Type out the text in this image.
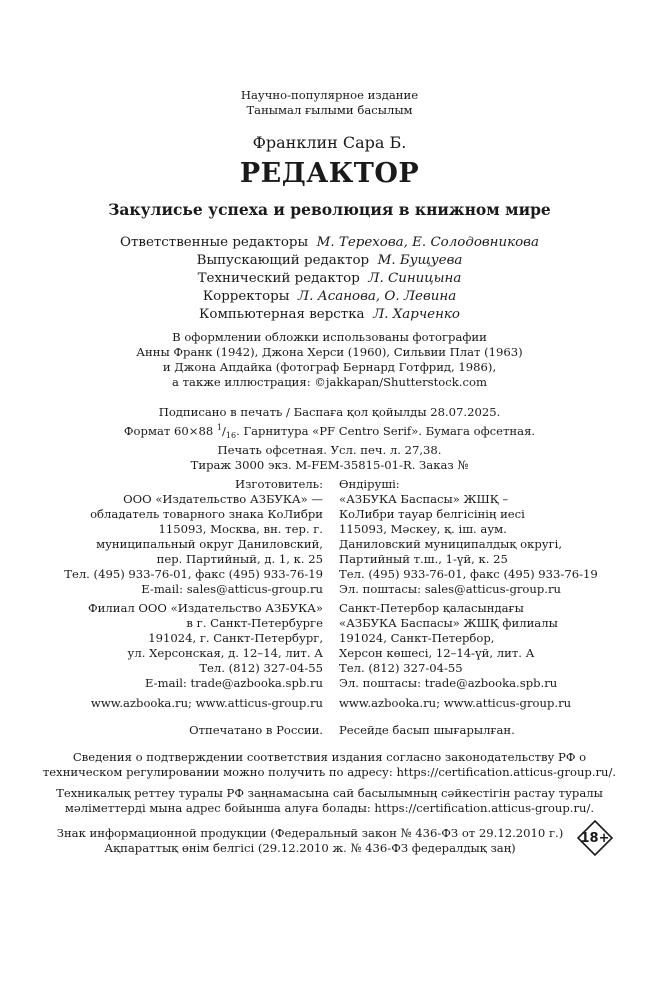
Научно-популярное издание
Танымал ғылыми басылым
Франклин Сара Б.
РЕДАКТОР
Закулисье успеха и революция в книжном мире
Ответственные редакторы М. Терехова, Е. Солодовникова
Выпускающий редактор М. Бущуева
Технический редактор Л. Синицына
Корректоры Л. Асанова, О. Левина
Компьютерная верстка Л. Харченко
В оформлении обложки использованы фотографии
Анны Франк (1942), Джона Херси (1960), Сильвии Плат (1963)
и Джона Апдайка (фотограф Бернард Готфрид, 1986),
а также иллюстрация: ©jakkapan/Shutterstock.com
Подписано в печать / Баспаға қол қойылды 28.07.2025.
Формат 60×88 $^1/_{16}$. Гарнитура «PF Centro Serif». Бумага офсетная.
Печать офсетная. Усл. печ. л. 27,38.
Тираж 3000 экз. M-FEM-35815-01-R. Заказ №
Изготовитель:
ООО «Издательство АЗБУКА» —
обладатель товарного знака КоЛибри
115093, Москва, вн. тер. г.
муниципальный округ Даниловский,
пер. Партийный, д. 1, к. 25
Тел. (495) 933-76-01, факс (495) 933-76-19
E-mail: sales@atticus-group.ru
Өндіруші:
«АЗБУКА Баспасы» ЖШҚ –
КоЛибри тауар белгісінің иесі
115093, Мәскеу, қ. іш. аум.
Даниловский муниципалдық округі,
Партийный т.ш., 1-үй, к. 25
Тел. (495) 933-76-01, факс (495) 933-76-19
Эл. поштасы: sales@atticus-group.ru
Филиал ООО «Издательство АЗБУКА»
в г. Санкт-Петербурге
191024, г. Санкт-Петербург,
ул. Херсонская, д. 12–14, лит. А
Тел. (812) 327-04-55
E-mail: trade@azbooka.spb.ru
Санкт-Петербор қаласындағы
«АЗБУКА Баспасы» ЖШҚ филиалы
191024, Санкт-Петербор,
Херсон көшесі, 12–14-үй, лит. А
Тел. (812) 327-04-55
Эл. поштасы: trade@azbooka.spb.ru
www.azbooka.ru; www.atticus-group.ru www.azbooka.ru; www.atticus-group.ru
Отпечатано в России. Ресейде басып шығарылған.
Сведения о подтверждении соответствия издания согласно законодательству РФ о
техническом регулировании можно получить по адресу: https://certification.atticus-group.ru/.
Техникалық реттеу туралы РФ заңнамасына сай басылымның сәйкестігін растау туралы
мәліметтерді мына адрес бойынша алуға болады: https://certification.atticus-group.ru/.
Знак информационной продукции (Федеральный закон № 436-ФЗ от 29.12.2010 г.)
Ақпараттық өнім белгісі (29.12.2010 ж. № 436-ФЗ федералдық заң)
18+
